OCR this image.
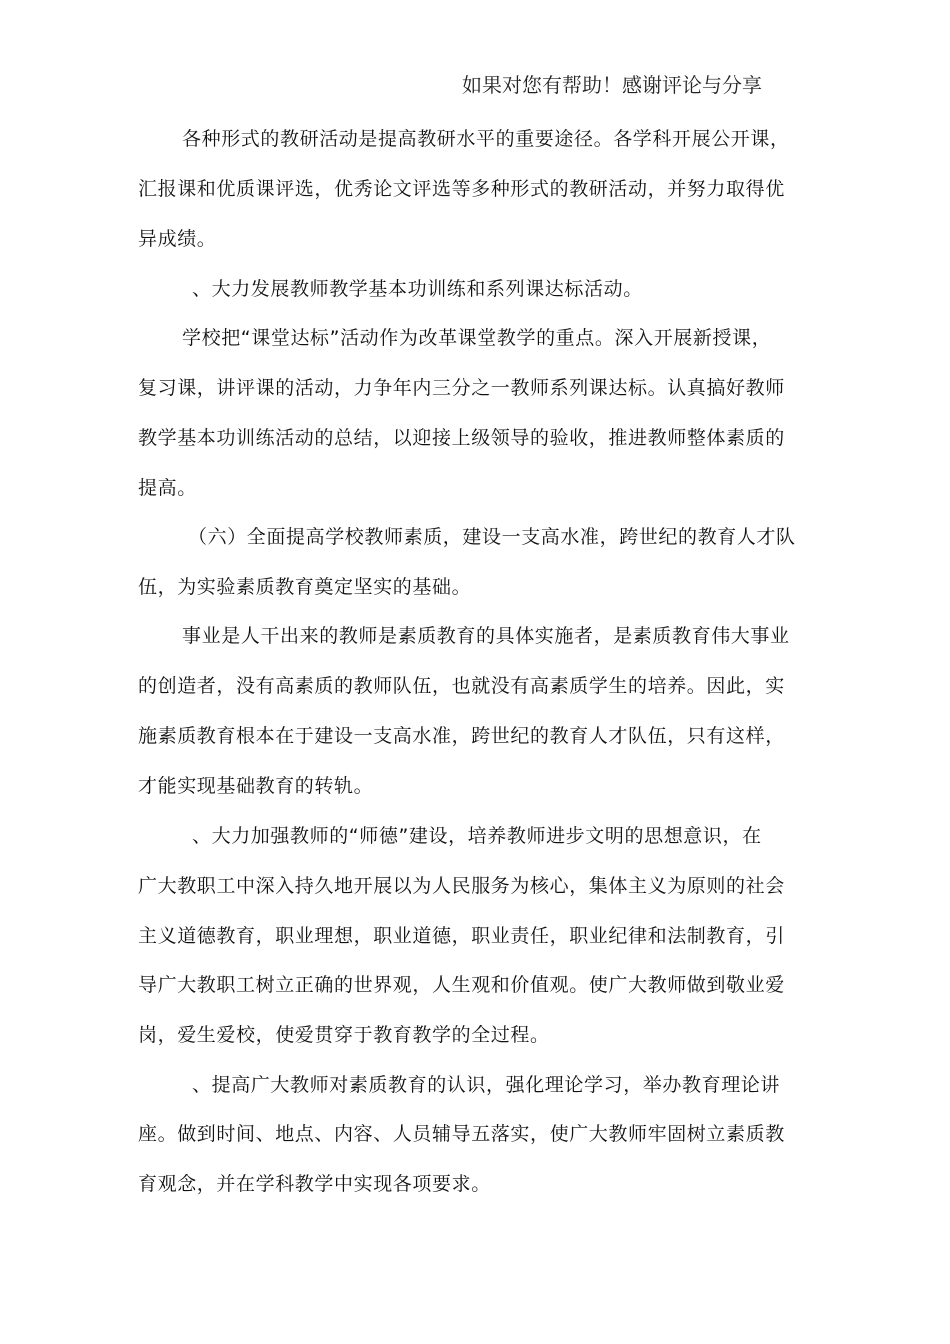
如果对您有帮助！感谢评论与分享
各种形式的教研活动是提高教研水平的重要途径。各学科开展公开课，
汇报课和优质课评选，优秀论文评选等多种形式的教研活动，并努力取得优
异成绩。
、大力发展教师教学基本功训练和系列课达标活动。
学校把“课堂达标”活动作为改革课堂教学的重点。深入开展新授课，
复习课，讲评课的活动，力争年内三分之一教师系列课达标。认真搞好教师
教学基本功训练活动的总结，以迎接上级领导的验收，推进教师整体素质的
提高。
（六）全面提高学校教师素质，建设一支高水准，跨世纪的教育人才队
伍，为实验素质教育奠定坚实的基础。
事业是人干出来的教师是素质教育的具体实施者，是素质教育伟大事业
的创造者，没有高素质的教师队伍，也就没有高素质学生的培养。因此，实
施素质教育根本在于建设一支高水准，跨世纪的教育人才队伍，只有这样，
才能实现基础教育的转轨。
、大力加强教师的“师德”建设，培养教师进步文明的思想意识，在
广大教职工中深入持久地开展以为人民服务为核心，集体主义为原则的社会
主义道德教育，职业理想，职业道德，职业责任，职业纪律和法制教育，引
导广大教职工树立正确的世界观，人生观和价值观。使广大教师做到敬业爱
岗，爱生爱校，使爱贯穿于教育教学的全过程。
、提高广大教师对素质教育的认识，强化理论学习，举办教育理论讲
座。做到时间、地点、内容、人员辅导五落实，使广大教师牢固树立素质教
育观念，并在学科教学中实现各项要求。
